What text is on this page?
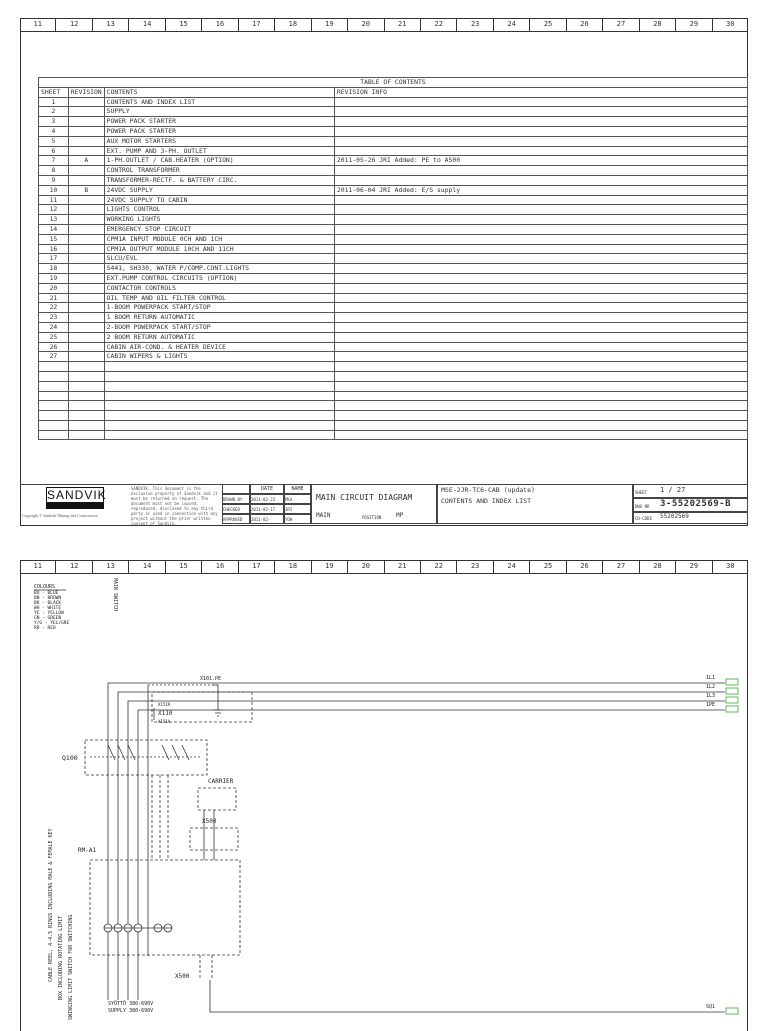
11	12	13	14	15	16	17	18	19	20	21	22	23	24	25	26	27	28	29	30
TABLE OF CONTENTS			
SHEET	REVISION	CONTENTS	REVISION INFO
1		CONTENTS AND INDEX LIST	
2		SUPPLY	
3		POWER PACK STARTER	
4		POWER PACK STARTER	
5		AUX MOTOR STARTERS	
6		EXT. PUMP AND 3-PH. OUTLET	
7	A	1-PH.OUTLET / CAB.HEATER (OPTION)	2011-05-26 JRI Added: PE to A500
8		CONTROL TRANSFORMER	
9		TRANSFORMER-RECTF. & BATTERY CIRC.	
10	B	24VDC SUPPLY	2011-06-04 JRI Added: E/S supply
11		24VDC SUPPLY TO CABIN	
12		LIGHTS CONTROL	
13		WORKING LIGHTS	
14		EMERGENCY STOP CIRCUIT	
15		CPM1A INPUT MODULE 0CH AND 1CH	
16		CPM1A OUTPUT MODULE 10CH AND 11CH	
17		SLCU/EVL	
18		S441, SH330, WATER P/COMP.CONT.LIGHTS	
19		EXT.PUMP CONTROL CIRCUITS (OPTION)	
20		CONTACTOR CONTROLS	
21		OIL TEMP AND OIL FILTER CONTROL	
22		1-BOOM POWERPACK START/STOP	
23		1 BOOM RETURN AUTOMATIC	
24		2-BOOM POWERPACK START/STOP	
25		2 BOOM RETURN AUTOMATIC	
26		CABIN AIR-COND. & HEATER DEVICE	
27		CABIN WIPERS & LIGHTS	

SANDVIK
Copyright © Sandvik Mining and Construction
SANDVIK. This document is the exclusive property of Sandvik and it must be returned on request. The document must not be copied, reproduced, disclosed to any third party or used in connection with any project without the prior written consent of Sandvik.
DATE	NAME
DRAWN BY	2011-02-23	PKA
CHECKED	2011-02-17	JRI
APPROVED	2011-02-	YOH
MAIN CIRCUIT DIAGRAM
MAIN	POSITION MP
MSE-2JR-TC6-CAB (update)
CONTENTS AND INDEX LIST
SHEET 1 / 27
DWG NR 3-55202569-B
CO-CODE 55202569
11	12	13	14	15	16	17	18	19	20	21	22	23	24	25	26	27	28	29	30
COLOURS
BU - BLUE
BN - BROWN
BK - BLACK
WH - WHITE
YE - YELLOW
GN - GREEN
Y/G - YEL/GRE
RD - RED
MAIN SWITCH
X101.PE
X110
X151R
X151A
Q100
CARRIER
X500
RM-A1
CABLE REEL, 4-4.5 RINGS INCLUDING MALE & FEMALE KEY BOX INCLUDING ROTATING LIMIT SWINGING LIMIT SWITCH FOR SWITCHING	X500
SYÖTTÖ 380-690V
SUPPLY 380-690V
1L1
1L2
1L3
1PE
SQ1
